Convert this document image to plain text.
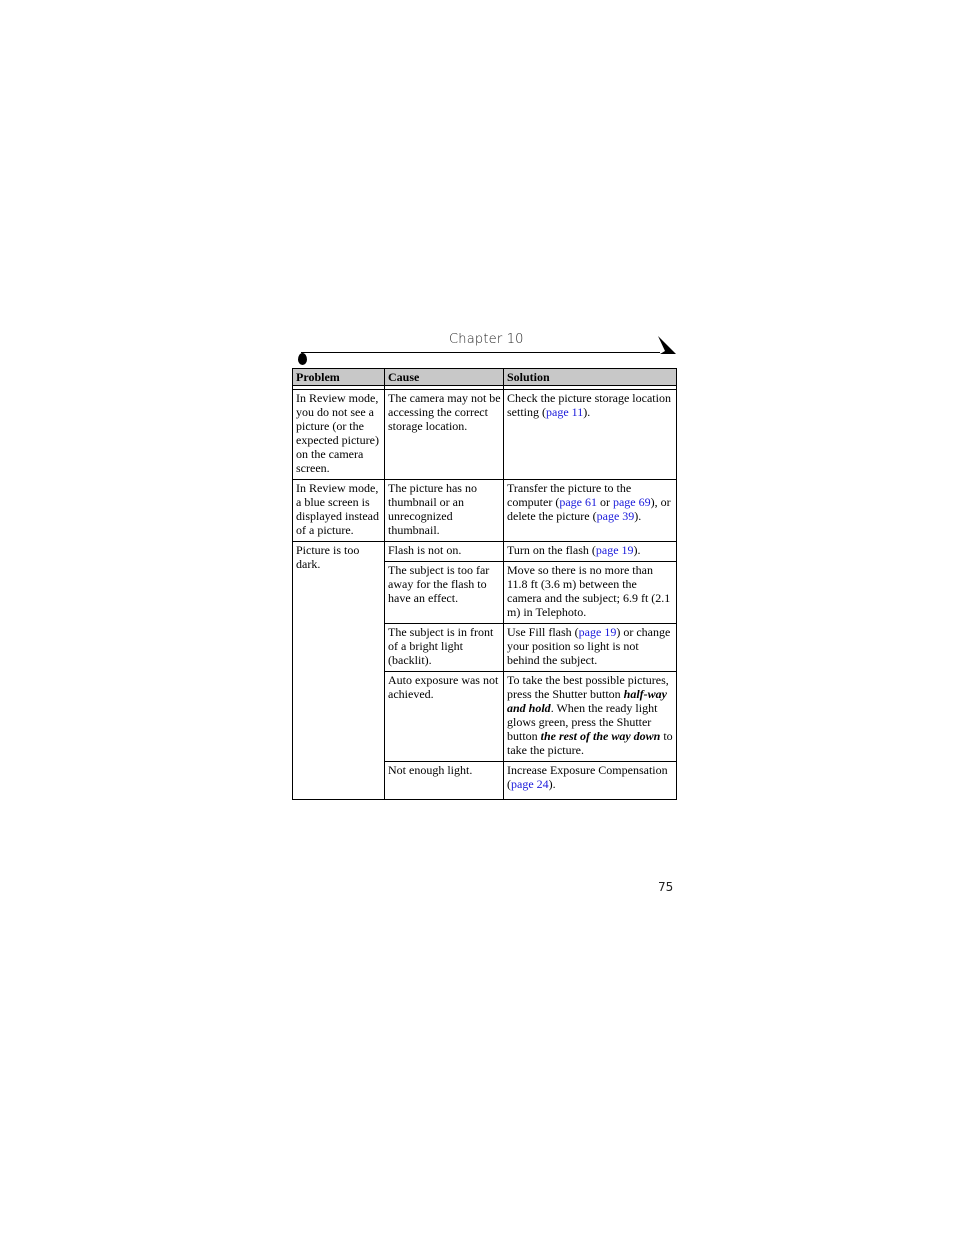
Chapter 10
Problem	Cause	Solution

In Review mode, you do not see a picture (or the expected picture) on the camera screen.	The camera may not be accessing the correct storage location.	Check the picture storage location setting (page 11).
In Review mode, a blue screen is displayed instead of a picture.	The picture has no thumbnail or an unrecognized thumbnail.	Transfer the picture to the computer (page 61 or page 69), or delete the picture (page 39).
Picture is too dark.	Flash is not on.	Turn on the flash (page 19).
	The subject is too far away for the flash to have an effect.	Move so there is no more than 11.8 ft (3.6 m) between the camera and the subject; 6.9 ft (2.1 m) in Telephoto.
	The subject is in front of a bright light (backlit).	Use Fill flash (page 19) or change your position so light is not behind the subject.
	Auto exposure was not achieved.	To take the best possible pictures, press the Shutter button half-way and hold. When the ready light glows green, press the Shutter button the rest of the way down to take the picture.
	Not enough light.	Increase Exposure Compensation (page 24).
75
